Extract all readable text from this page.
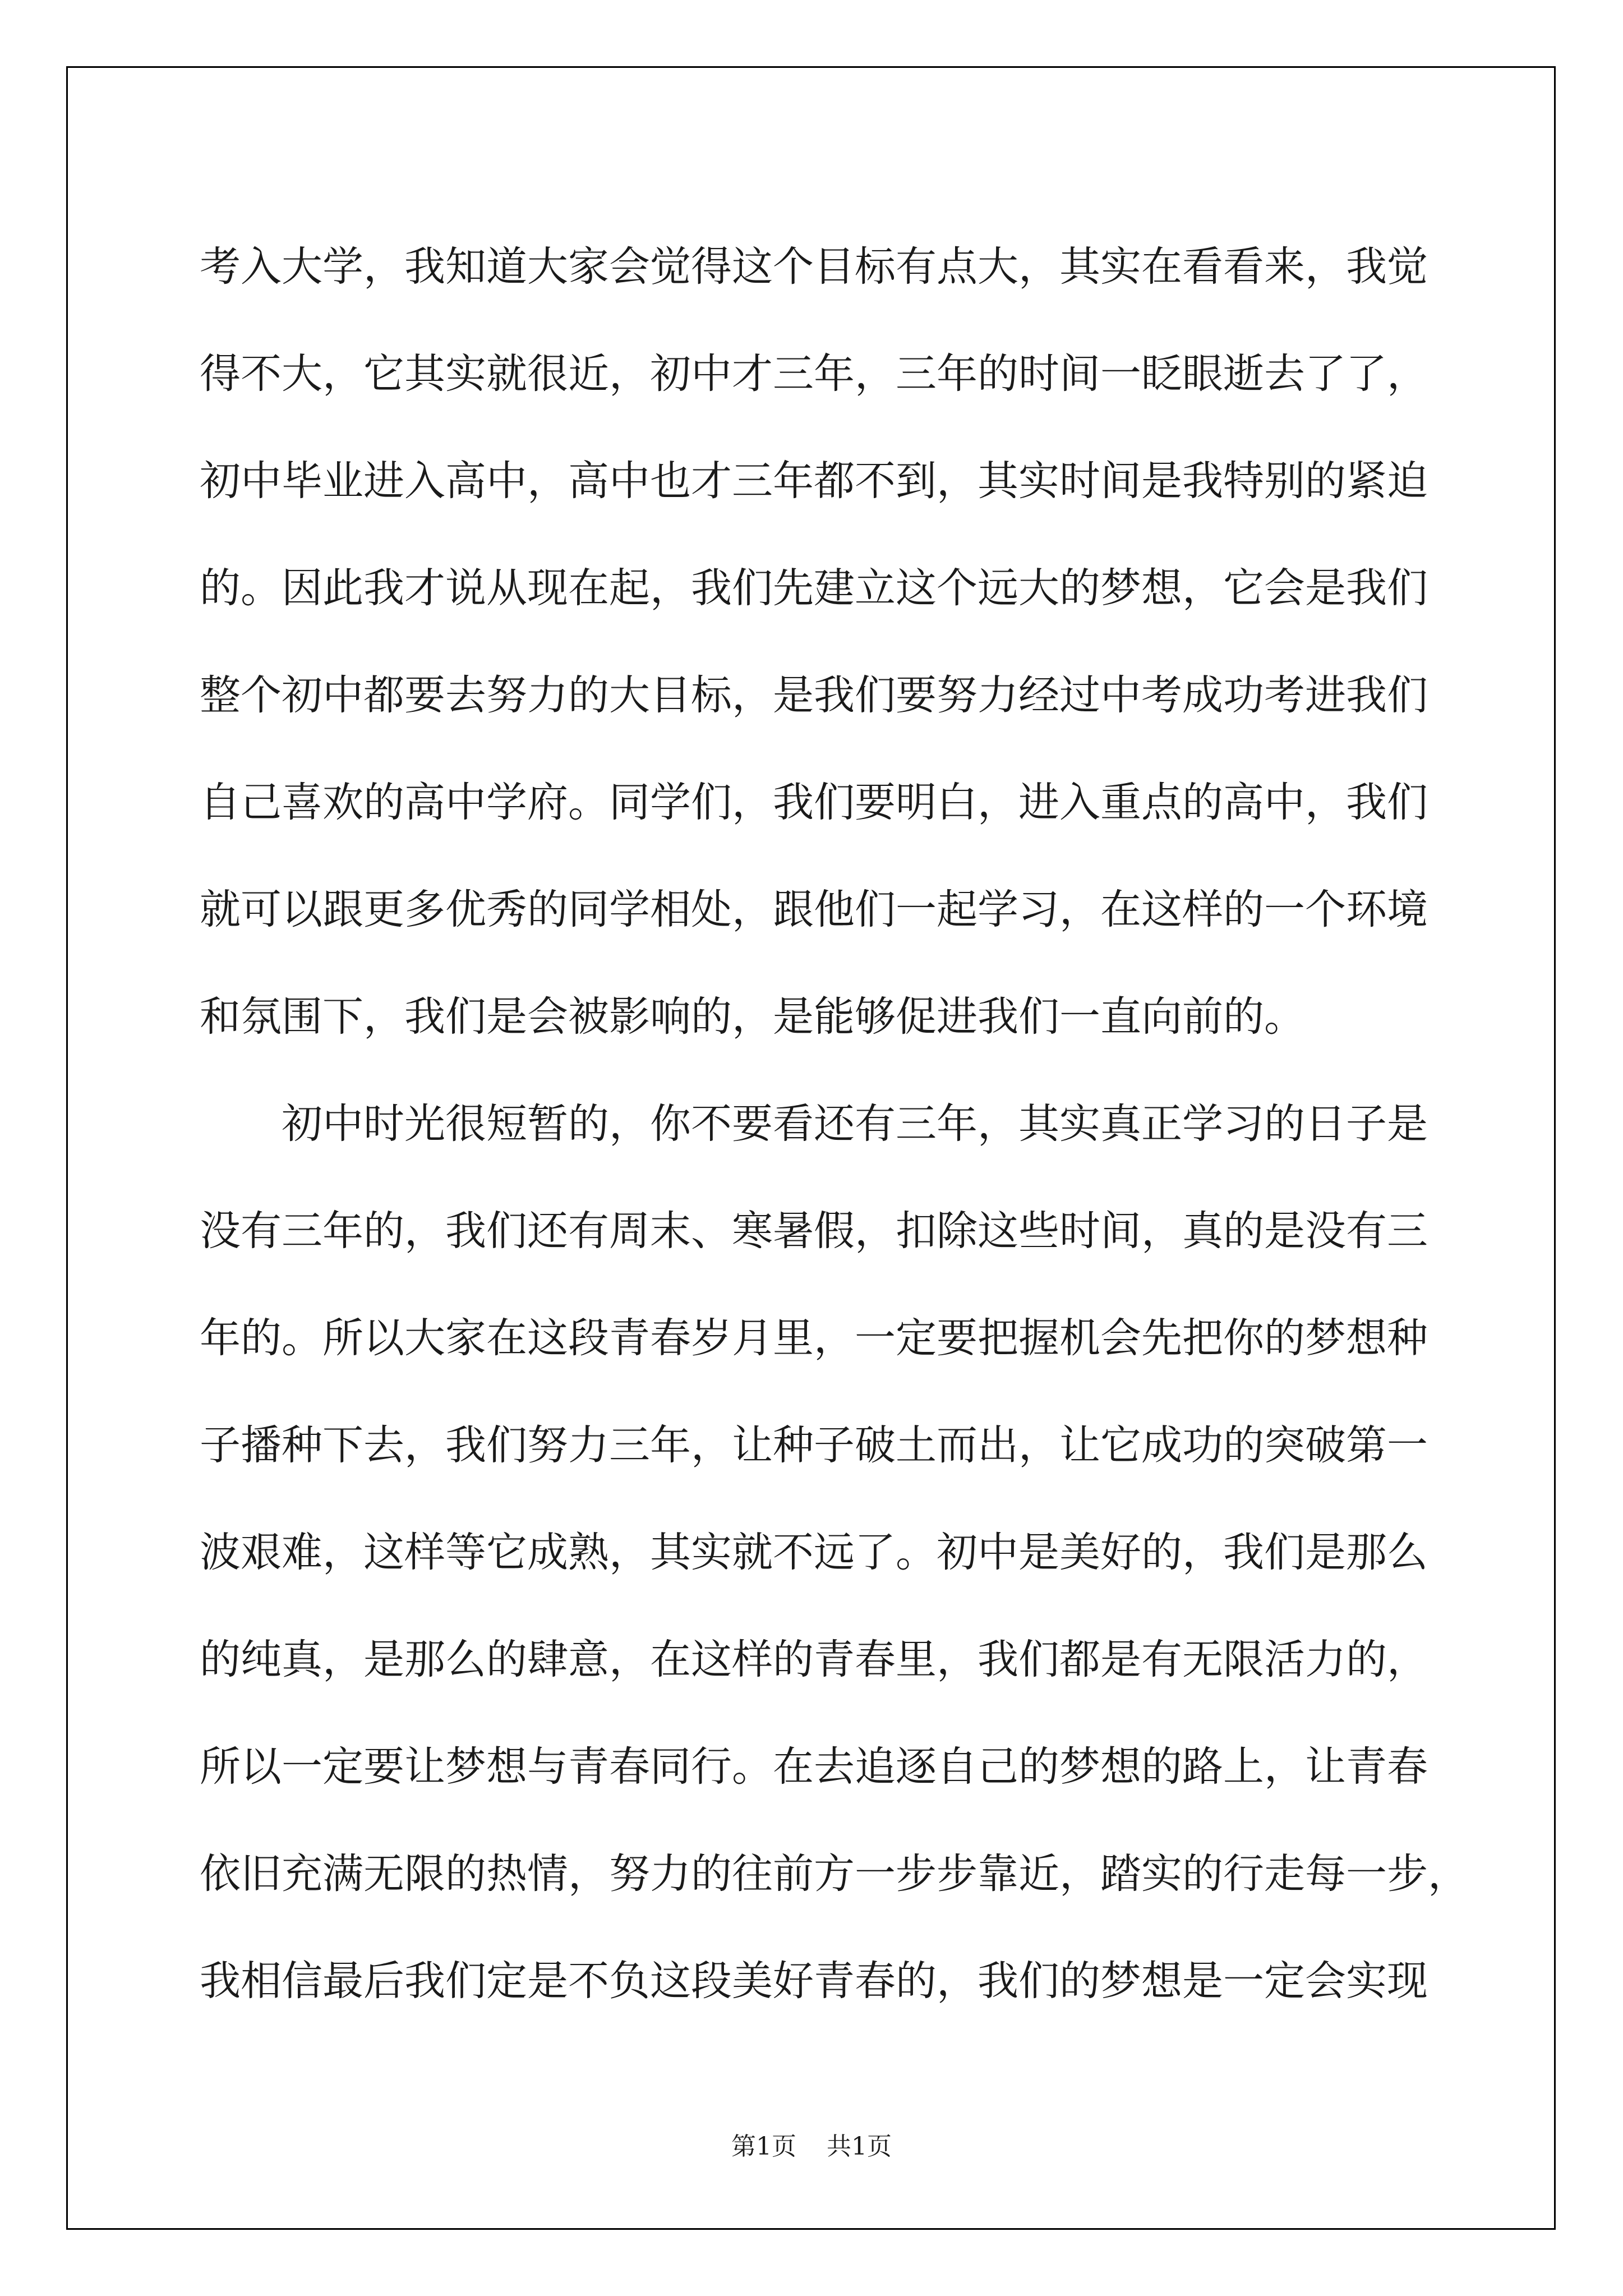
考入大学，我知道大家会觉得这个目标有点大，其实在看看来，我觉
得不大，它其实就很近，初中才三年，三年的时间一眨眼逝去了了，
初中毕业进入高中，高中也才三年都不到，其实时间是我特别的紧迫
的。因此我才说从现在起，我们先建立这个远大的梦想，它会是我们
整个初中都要去努力的大目标，是我们要努力经过中考成功考进我们
自己喜欢的高中学府。同学们，我们要明白，进入重点的高中，我们
就可以跟更多优秀的同学相处，跟他们一起学习，在这样的一个环境
和氛围下，我们是会被影响的，是能够促进我们一直向前的。
初中时光很短暂的，你不要看还有三年，其实真正学习的日子是
没有三年的，我们还有周末、寒暑假，扣除这些时间，真的是没有三
年的。所以大家在这段青春岁月里，一定要把握机会先把你的梦想种
子播种下去，我们努力三年，让种子破土而出，让它成功的突破第一
波艰难，这样等它成熟，其实就不远了。初中是美好的，我们是那么
的纯真，是那么的肆意，在这样的青春里，我们都是有无限活力的，
所以一定要让梦想与青春同行。在去追逐自己的梦想的路上，让青春
依旧充满无限的热情，努力的往前方一步步靠近，踏实的行走每一步，
我相信最后我们定是不负这段美好青春的，我们的梦想是一定会实现
第1页 共1页
